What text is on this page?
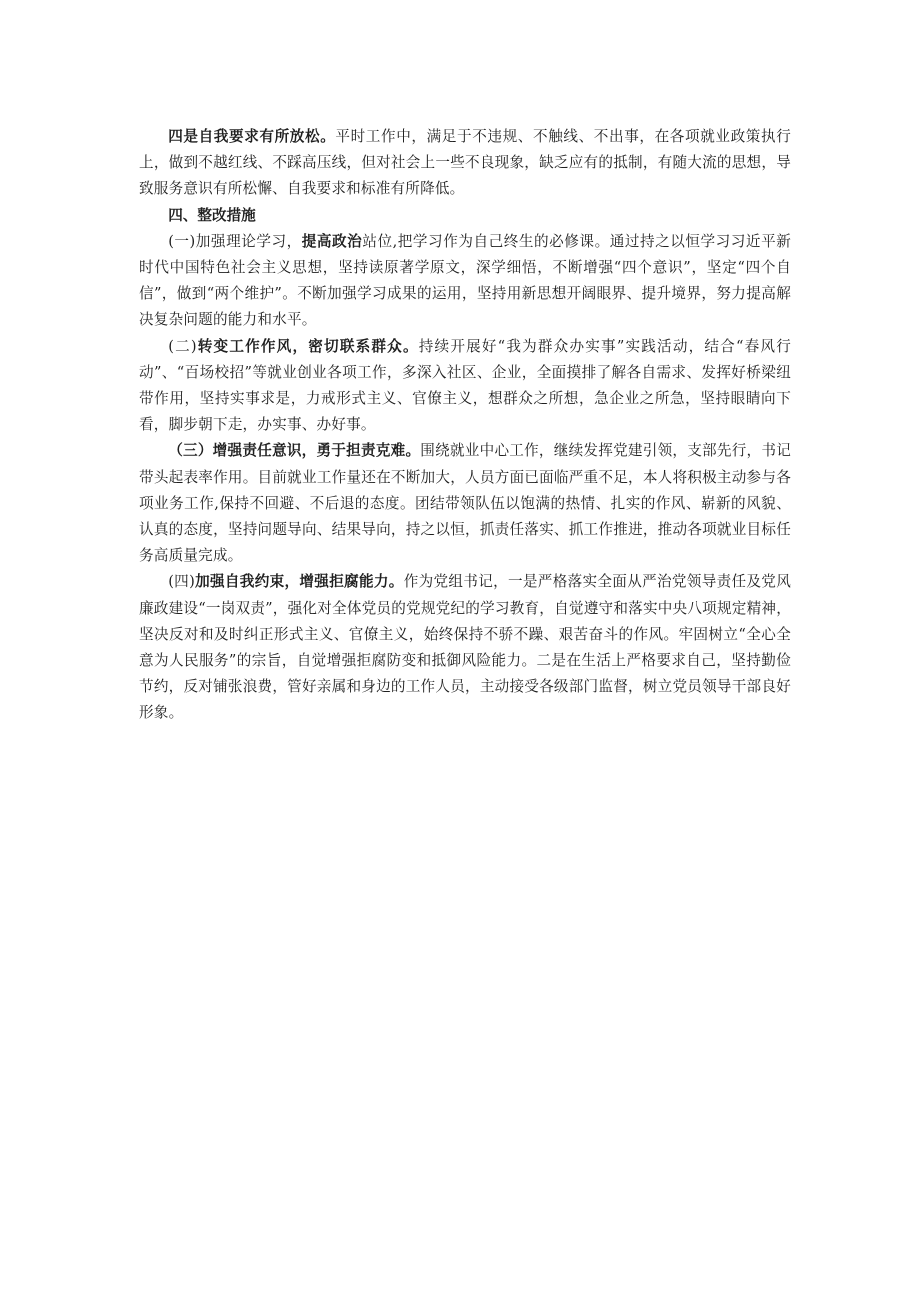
四是自我要求有所放松。平时工作中，满足于不违规、不触线、不出事，在各项就业政策执行上，做到不越红线、不踩高压线，但对社会上一些不良现象，缺乏应有的抵制，有随大流的思想，导致服务意识有所松懈、自我要求和标准有所降低。

四、整改措施

(一)加强理论学习，提高政治站位,把学习作为自己终生的必修课。通过持之以恒学习习近平新时代中国特色社会主义思想，坚持读原著学原文，深学细悟，不断增强“四个意识”，坚定“四个自信”，做到“两个维护”。不断加强学习成果的运用，坚持用新思想开阔眼界、提升境界，努力提高解决复杂问题的能力和水平。

(二)转变工作作风，密切联系群众。持续开展好“我为群众办实事”实践活动，结合“春风行动”、“百场校招”等就业创业各项工作，多深入社区、企业，全面摸排了解各自需求、发挥好桥梁纽带作用，坚持实事求是，力戒形式主义、官僚主义，想群众之所想，急企业之所急，坚持眼睛向下看，脚步朝下走，办实事、办好事。

（三）增强责任意识，勇于担责克难。围绕就业中心工作，继续发挥党建引领，支部先行，书记带头起表率作用。目前就业工作量还在不断加大，人员方面已面临严重不足，本人将积极主动参与各项业务工作,保持不回避、不后退的态度。团结带领队伍以饱满的热情、扎实的作风、崭新的风貌、认真的态度，坚持问题导向、结果导向，持之以恒，抓责任落实、抓工作推进，推动各项就业目标任务高质量完成。

(四)加强自我约束，增强拒腐能力。作为党组书记，一是严格落实全面从严治党领导责任及党风廉政建设“一岗双责”，强化对全体党员的党规党纪的学习教育，自觉遵守和落实中央八项规定精神，坚决反对和及时纠正形式主义、官僚主义，始终保持不骄不躁、艰苦奋斗的作风。牢固树立“全心全意为人民服务”的宗旨，自觉增强拒腐防变和抵御风险能力。二是在生活上严格要求自己，坚持勤俭节约，反对铺张浪费，管好亲属和身边的工作人员，主动接受各级部门监督，树立党员领导干部良好形象。
